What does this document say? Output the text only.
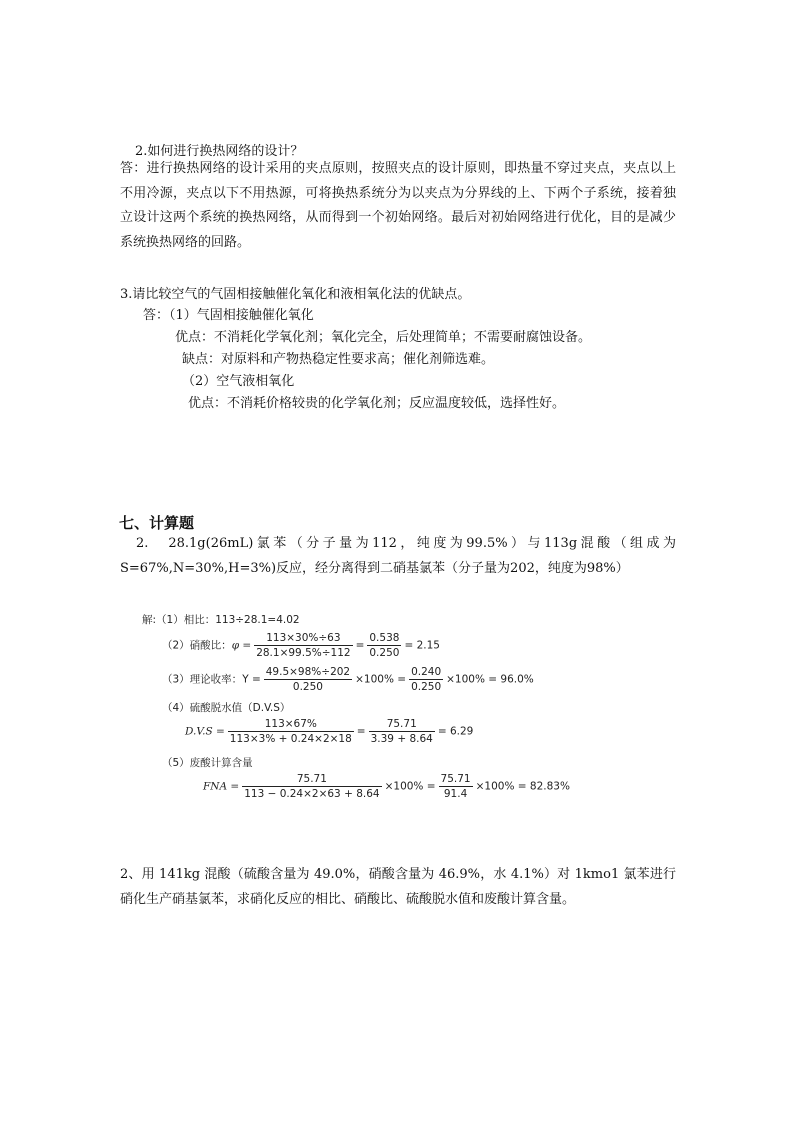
2.如何进行换热网络的设计？

答：进行换热网络的设计采用的夹点原则，按照夹点的设计原则，即热量不穿过夹点，夹点以上不用冷源，夹点以下不用热源，可将换热系统分为以夹点为分界线的上、下两个子系统，接着独立设计这两个系统的换热网络，从而得到一个初始网络。最后对初始网络进行优化，目的是减少系统换热网络的回路。

3.请比较空气的气固相接触催化氧化和液相氧化法的优缺点。

答：（1）气固相接触催化氧化

优点：不消耗化学氧化剂；氧化完全，后处理简单；不需要耐腐蚀设备。

缺点：对原料和产物热稳定性要求高；催化剂筛选难。

（2）空气液相氧化

优点：不消耗价格较贵的化学氧化剂；反应温度较低，选择性好。

七、计算题

2.　28.1g(26mL)氯苯（分子量为112，纯度为99.5%）与113g混酸（组成为S=67%,N=30%,H=3%)反应，经分离得到二硝基氯苯（分子量为202，纯度为98%）

解:（1）相比：113÷28.1=4.02
（2）硝酸比：$\varphi = \frac{113\times 30\%\div 63}{28.1\times 99.5\%\div 112} = \frac{0.538}{0.250} = 2.15$
（3）理论收率：$Y = \frac{49.5\times 98\%\div 202}{0.250} \times 100\% = \frac{0.240}{0.250} \times 100\% = 96.0\%$
（4）硫酸脱水值（D.V.S）
$D.V.S = \frac{113\times 67\%}{113\times 3\% + 0.24\times 2\times 18} = \frac{75.71}{3.39 + 8.64} = 6.29$
（5）废酸计算含量
FNA = $\frac{75.71}{113 - 0.24\times 2\times 63 + 8.64} \times 100\% = \frac{75.71}{91.4} \times 100\% = 82.83\%$

2、用 141kg 混酸（硫酸含量为 49.0%，硝酸含量为 46.9%，水 4.1%）对 1kmo1 氯苯进行硝化生产硝基氯苯，求硝化反应的相比、硝酸比、硫酸脱水值和废酸计算含量。
